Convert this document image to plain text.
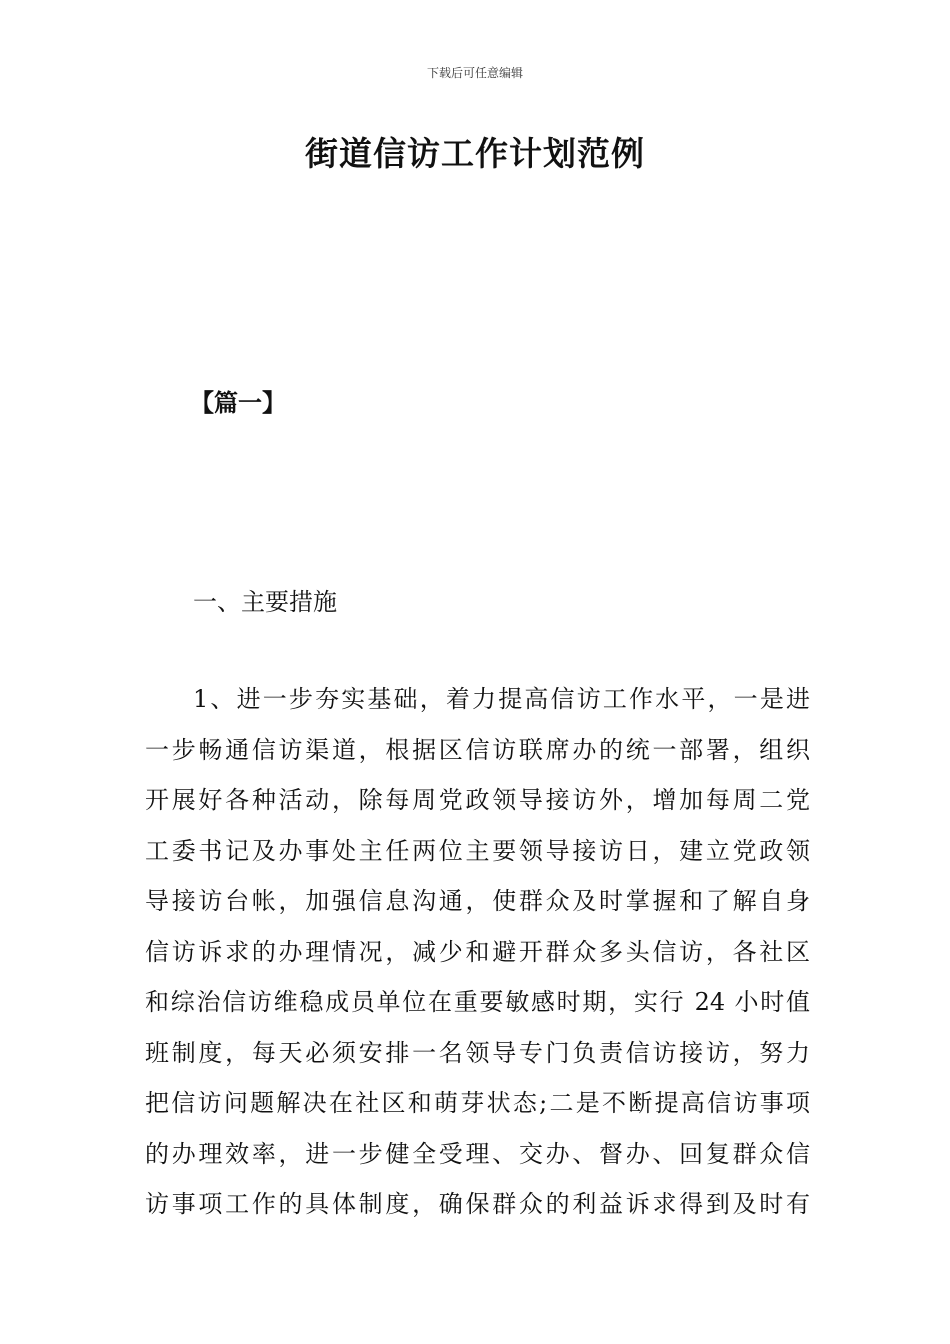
下载后可任意编辑
街道信访工作计划范例
【篇一】
一、主要措施
1、进一步夯实基础，着力提高信访工作水平，一是进
一步畅通信访渠道，根据区信访联席办的统一部署，组织
开展好各种活动，除每周党政领导接访外，增加每周二党
工委书记及办事处主任两位主要领导接访日，建立党政领
导接访台帐，加强信息沟通，使群众及时掌握和了解自身
信访诉求的办理情况，减少和避开群众多头信访，各社区
和综治信访维稳成员单位在重要敏感时期，实行 24 小时值
班制度，每天必须安排一名领导专门负责信访接访，努力
把信访问题解决在社区和萌芽状态;二是不断提高信访事项
的办理效率，进一步健全受理、交办、督办、回复群众信
访事项工作的具体制度，确保群众的利益诉求得到及时有
